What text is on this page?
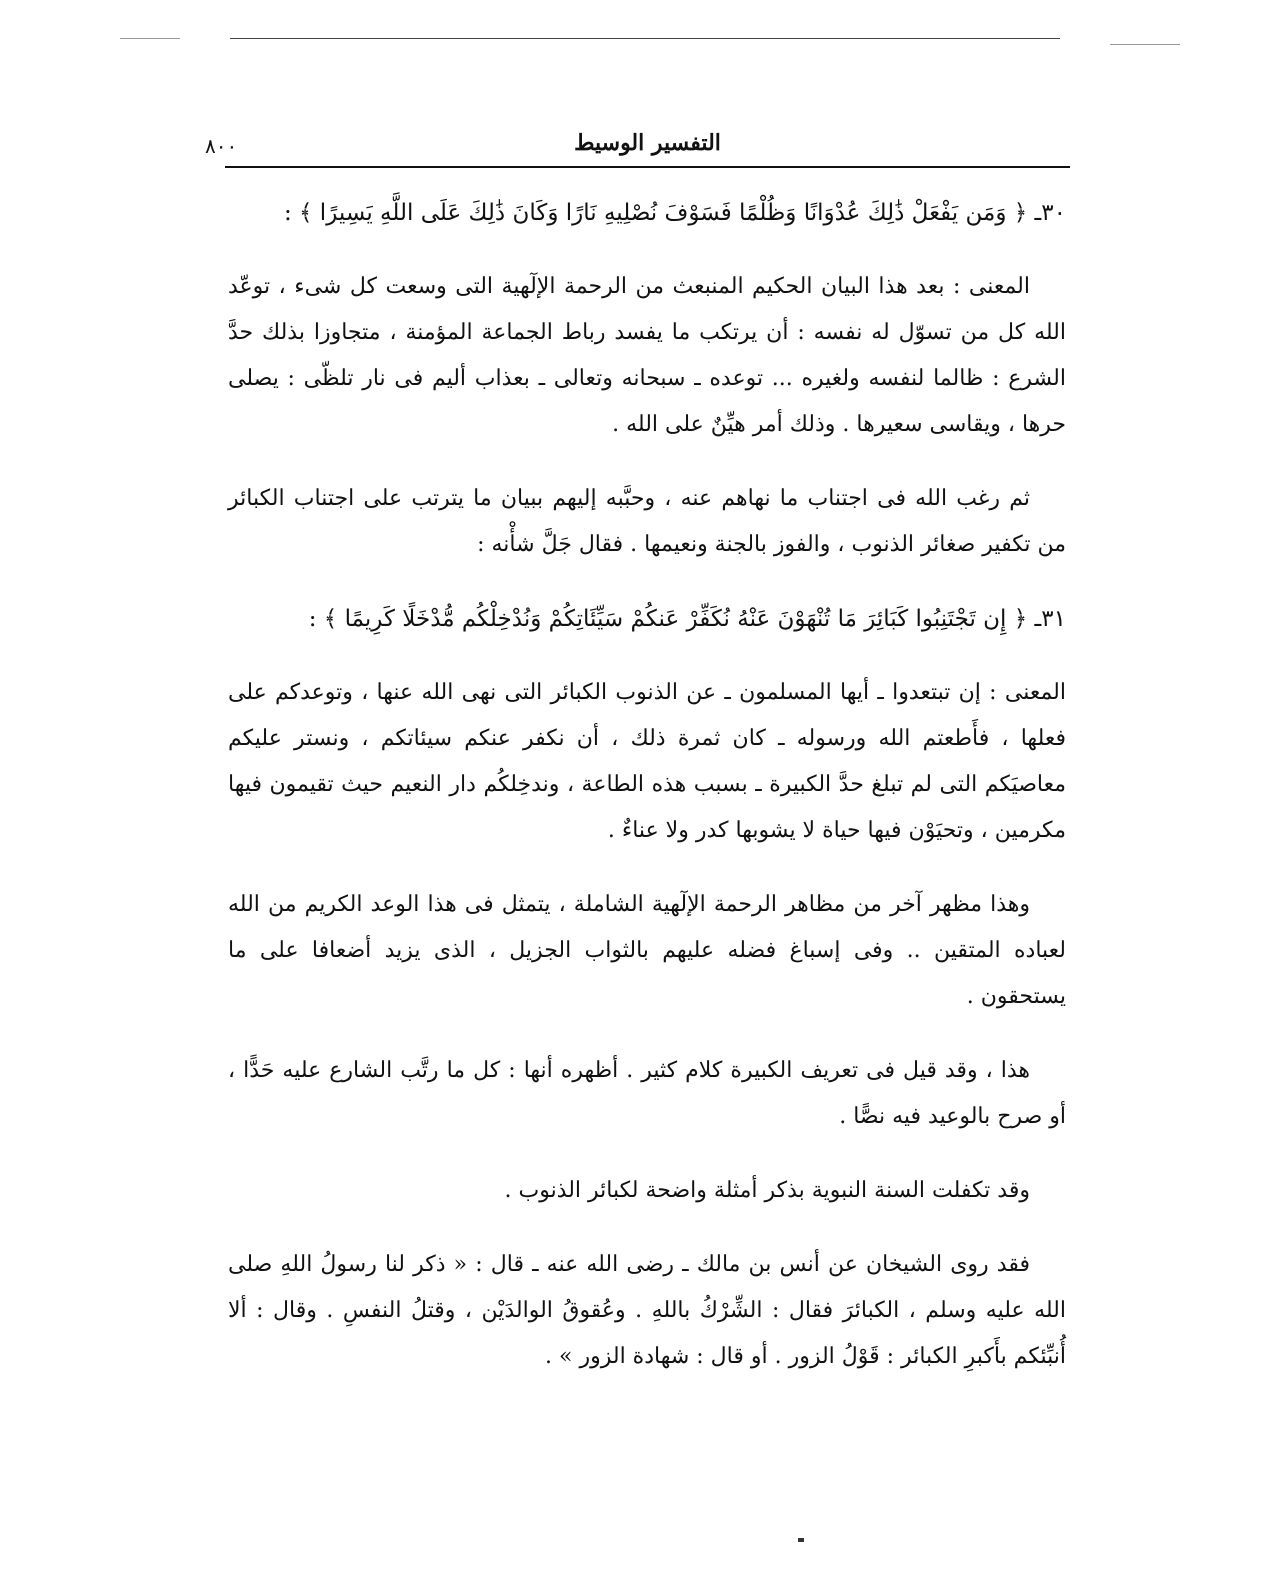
التفسير الوسيط
٨٠٠

٣٠ـ ﴿ وَمَن يَفْعَلْ ذَٰلِكَ عُدْوَانًا وَظُلْمًا فَسَوْفَ نُصْلِيهِ نَارًا وَكَانَ ذَٰلِكَ عَلَى اللَّهِ يَسِيرًا ﴾ :

المعنى : بعد هذا البيان الحكيم المنبعث من الرحمة الإلٓهية التى وسعت كل شىء ، توعّد الله كل من تسوّل له نفسه : أن يرتكب ما يفسد رباط الجماعة المؤمنة ، متجاوزا بذلك حدَّ الشرع : ظالما لنفسه ولغيره ... توعده ـ سبحانه وتعالى ـ بعذاب أليم فى نار تلظّى : يصلى حرها ، ويقاسى سعيرها . وذلك أمر هيِّنٌ على الله .

ثم رغب الله فى اجتناب ما نهاهم عنه ، وحبَّبه إليهم ببيان ما يترتب على اجتناب الكبائر من تكفير صغائر الذنوب ، والفوز بالجنة ونعيمها . فقال جَلَّ شأْنه :

٣١ـ ﴿ إِن تَجْتَنِبُوا كَبَائِرَ مَا تُنْهَوْنَ عَنْهُ نُكَفِّرْ عَنكُمْ سَيِّئَاتِكُمْ وَنُدْخِلْكُم مُّدْخَلًا كَرِيمًا ﴾ :

المعنى : إن تبتعدوا ـ أيها المسلمون ـ عن الذنوب الكبائر التى نهى الله عنها ، وتوعدكم على فعلها ، فأَطعتم الله ورسوله ـ كان ثمرة ذلك ، أن نكفر عنكم سيئاتكم ، ونستر عليكم معاصيَكم التى لم تبلغ حدَّ الكبيرة ـ بسبب هذه الطاعة ، وندخِلكُم دار النعيم حيث تقيمون فيها مكرمين ، وتحيَوْن فيها حياة لا يشوبها كدر ولا عناءٌ .

وهذا مظهر آخر من مظاهر الرحمة الإلٓهية الشاملة ، يتمثل فى هذا الوعد الكريم من الله لعباده المتقين .. وفى إسباغ فضله عليهم بالثواب الجزيل ، الذى يزيد أضعافا على ما يستحقون .

هذا ، وقد قيل فى تعريف الكبيرة كلام كثير . أظهره أنها : كل ما رتَّب الشارع عليه حَدًّا ، أو صرح بالوعيد فيه نصًّا .

وقد تكفلت السنة النبوية بذكر أمثلة واضحة لكبائر الذنوب .

فقد روى الشيخان عن أنس بن مالك ـ رضى الله عنه ـ قال : « ذكر لنا رسولُ اللهِ صلى الله عليه وسلم ، الكبائرَ فقال : الشِّرْكُ باللهِ . وعُقوقُ الوالدَيْن ، وقتلُ النفسِ . وقال : ألا أُنبِّئكم بأَكبرِ الكبائر : قَوْلُ الزور . أو قال : شهادة الزور » .
